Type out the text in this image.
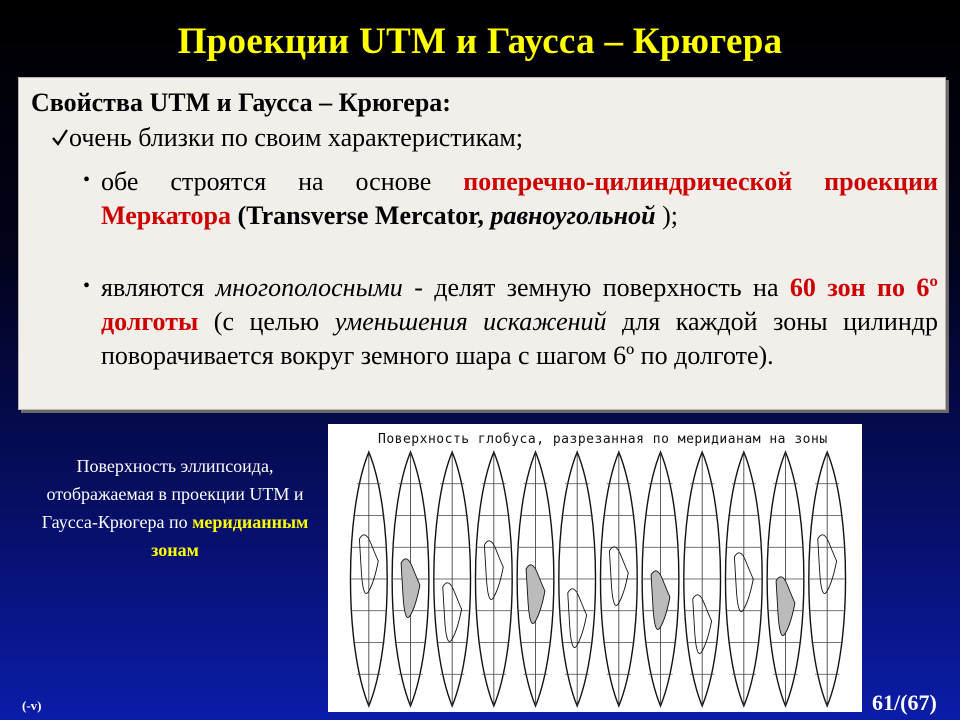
Проекции UTM и Гаусса – Крюгера
Свойства UTM и Гаусса – Крюгера:
очень близки по своим характеристикам;
• обе строятся на основе поперечно-цилиндрической проекции Меркатора (Transverse Mercator, равноугольной );
• являются многополосными - делят земную поверхность на 60 зон по 6º долготы (с целью уменьшения искажений для каждой зоны цилиндр поворачивается вокруг земного шара с шагом 6º по долготе).
Поверхность эллипсоида, отображаемая в проекции UTM и Гаусса-Крюгера по меридианным зонам
Поверхность глобуса, разрезанная по меридианам на зоны
(-v)	61/(67)
